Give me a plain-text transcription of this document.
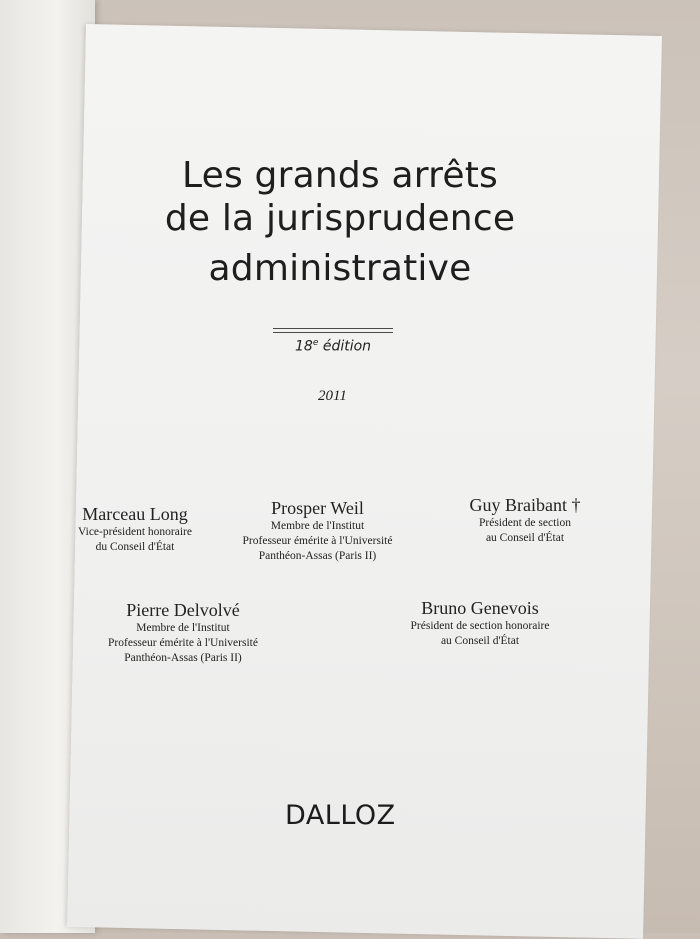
Les grands arrêts
de la jurisprudence
administrative
18e édition
2011
Marceau Long
Vice-président honoraire
du Conseil d'État
Prosper Weil
Membre de l'Institut
Professeur émérite à l'Université
Panthéon-Assas (Paris II)
Guy Braibant †
Président de section
au Conseil d'État
Pierre Delvolvé
Membre de l'Institut
Professeur émérite à l'Université
Panthéon-Assas (Paris II)
Bruno Genevois
Président de section honoraire
au Conseil d'État
DALLOZ
